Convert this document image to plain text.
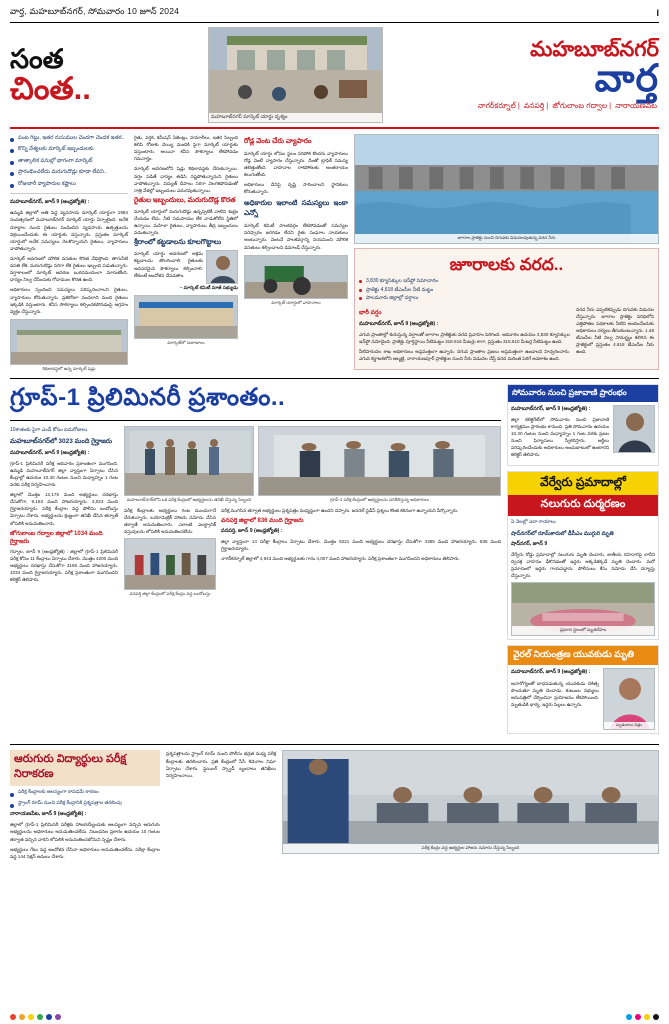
వార్త, మహబూబ్‌నగర్, సోమవారం 10 జూన్ 2024	I
సంత
చింత..
మహబూబ్‌నగర్ మార్కెట్ యార్డు దృశ్యం
మహబూబ్‌నగర్
వార్త
నాగర్‌కర్నూల్ | వనపర్తి | జోగులాంబ గద్వాల | నారాయణపేట
పంట గిట్టు, ఇతర రుసుముల చెందగా చెందక ఇతర..
కొన్ని వేశ్యలకు మార్కెట్ ఇబ్బందులకు
తాత్కాలిక పనుల్లో భాగంగా మార్కెట్
ప్రారంభించలేదు మరుగుదొడ్లు కూడా లేవని..
రోజువారీ వ్యాపారుల కష్టాలు

మహబూబ్‌నగర్, జూన్ 9 (ఆంధ్రజ్యోతి) :

ఉమ్మడి జిల్లాలో అతి పెద్ద వ్యవసాయ మార్కెట్ యార్డుగా 1984 సంవత్సరంలో మహబూబ్‌నగర్ మార్కెట్ యార్డు ఏర్పాటైంది. అనేక దశాబ్దాల నుంచి రైతులు పండించిన వ్యవసాయ ఉత్పత్తులను విక్రయించేందుకు ఈ యార్డుకు వస్తున్నారు. ప్రస్తుతం మార్కెట్ యార్డులో అనేక సమస్యలు నెలకొన్నాయని రైతులు, వ్యాపారులు వాపోతున్నారు.

మార్కెట్ ఆవరణలో మౌలిక వసతుల కొరత వేధిస్తోంది. తాగునీటి వసతి లేక, మరుగుదొడ్లు సరిగా లేక రైతులు ఇబ్బంది పడుతున్నారు. వర్షాకాలంలో మార్కెట్ ఆవరణ బురదమయంగా మారుతోంది. ధాన్యం నిల్వ చేసేందుకు గోదాముల కొరత ఉంది.

అధికారులు స్పందించి సమస్యలు పరిష్కరించాలని రైతులు, వ్యాపారులు కోరుతున్నారు. ప్రతిరోజూ వందలాది మంది రైతులు ఇక్కడికి వస్తుంటారు. కనీస సౌకర్యాలు కల్పించకపోవడంపై ఆగ్రహం వ్యక్తం చేస్తున్నారు.

శిథిలావస్థలో ఉన్న మార్కెట్ షెడ్లు

రైతు, వర్తక, కమీషన్ ఏజెంట్లు, హమాలీలు, ఇతర సిబ్బంది కలిపి రోజుకు వెయ్యి మందికి పైగా మార్కెట్ యార్డుకు వస్తుంటారు. అయినా కనీస సౌకర్యాలు లేకపోవడం గమనార్హం.

మార్కెట్ ఆవరణలోని షెడ్లు శిథిలావస్థకు చేరుకున్నాయి. వర్షం పడితే ధాన్యం తడిసి నష్టపోతున్నామని రైతులు వాపోతున్నారు. విద్యుత్ దీపాలు సరిగా వెలగకపోవడంతో రాత్రి వేళల్లో ఇబ్బందులు ఎదురవుతున్నాయి.

రైతుల ఇబ్బందులు, మరుగుదొడ్ల కొరత

మార్కెట్ యార్డులో మరుగుదొడ్లు ఉన్నప్పటికీ వాటిని శుభ్రం చేయడం లేదు. నీటి సదుపాయం లేక వాడుకోలేని స్థితిలో ఉన్నాయి. మహిళా రైతులు, వ్యాపారులు తీవ్ర ఇబ్బందులు పడుతున్నారు.

శ్రీరాంలో కట్టడాలను కూలగొట్టాలు
మార్కెట్ యార్డు ఆవరణలో అక్రమ కట్టడాలను తొలగించాలి. రైతులకు అవసరమైన సౌకర్యాలు కల్పించాలి. లేకుంటే ఆందోళన చేపడతాం.
– మార్కెట్ కమిటీ మాజీ సభ్యుడు
మార్కెట్‌లో దుకాణాలు
రోడ్ల వెంట చేరు వ్యాపారం

మార్కెట్ యార్డు లోపల స్థలం సరిపోక కొందరు వ్యాపారులు రోడ్ల వెంటే వ్యాపారం చేస్తున్నారు. దీంతో ట్రాఫిక్ సమస్య తలెత్తుతోంది. వాహనాల రాకపోకలకు అంతరాయం కలుగుతోంది.

అధికారులు దీనిపై దృష్టి సారించాలని స్థానికులు కోరుతున్నారు.

అధికారుల ఇలాంటి సమస్యలు ఇంకా ఎన్నో

మార్కెట్ కమిటీ పాలకవర్గం లేకపోవడంతో సమస్యల పరిష్కారం జరగడం లేదని రైతు సంఘాల నాయకులు అంటున్నారు. వెంటనే పాలకవర్గాన్ని నియమించి మౌలిక వసతులు కల్పించాలని డిమాండ్ చేస్తున్నారు.

మార్కెట్ యార్డులో వాహనాలు
జూరాల ప్రాజెక్టు నుంచి దిగువకు విడుదలవుతున్న వరద నీరు
జూరాలకు వరద..
3,830 క్యూసెక్కుల ఇన్‌ఫ్లో సమాచారం
ప్రాజెక్టు 4,618 టీఎంసీల నీటి మట్టం
పాలమూరు జిల్లాల్లో వర్షాలు
భారీ వర్షం

మహబూబ్‌నగర్, జూన్ 9 (ఆంధ్రజ్యోతి) :

ఎగువ ప్రాంతాల్లో కురుస్తున్న వర్షాలతో జూరాల ప్రాజెక్టుకు వరద ప్రవాహం పెరిగింది. ఆదివారం ఉదయం 3,830 క్యూసెక్కుల ఇన్‌ఫ్లో నమోదైంది. ప్రాజెక్టు పూర్తిస్థాయి నీటిమట్టం 318.516 మీటర్లు కాగా, ప్రస్తుతం 315.610 మీటర్ల నీటిమట్టం ఉంది.

నీటిపారుదల శాఖ అధికారులు అప్రమత్తంగా ఉన్నారు. దిగువ ప్రాంతాల ప్రజలు అప్రమత్తంగా ఉండాలని హెచ్చరించారు. ఎగువ కర్ణాటకలోని ఆల్మట్టి, నారాయణపూర్ ప్రాజెక్టుల నుంచి నీరు విడుదల చేస్తే వరద మరింత పెరిగే అవకాశం ఉంది.

వరద నీరు ఎప్పటికప్పుడు దిగువకు విడుదల చేస్తున్నారు. జూరాల ప్రాజెక్టు పరిధిలోని ఎత్తిపోతల పథకాలకు నీటిని అందించేందుకు అధికారులు చర్యలు తీసుకుంటున్నారు. 1.48 టీఎంసీల నీటి నిల్వ సామర్థ్యం కలిగిన ఈ ప్రాజెక్టులో ప్రస్తుతం 4.618 టీఎంసీల నీరు ఉంది.

గ్రూప్-1 ప్రిలిమినరీ ప్రశాంతం..
10శాతంకు పైగా ఎండ్ కోసం ఐదురోజులు
మహబూబ్‌నగర్‌లో 3023 మంది గైర్హాజరు

మహబూబ్‌నగర్, జూన్ 9 (ఆంధ్రజ్యోతి) :

గ్రూప్-1 ప్రిలిమినరీ పరీక్ష ఆదివారం ప్రశాంతంగా ముగిసింది. ఉమ్మడి మహబూబ్‌నగర్ జిల్లా వ్యాప్తంగా ఏర్పాటు చేసిన కేంద్రాల్లో ఉదయం 10.30 గంటల నుంచి మధ్యాహ్నం 1 గంట వరకు పరీక్ష నిర్వహించారు.

జిల్లాలో మొత్తం 12,176 మంది అభ్యర్థులు దరఖాస్తు చేసుకోగా, 9,153 మంది హాజరయ్యారు. 3,023 మంది గైర్హాజరయ్యారు. పరీక్ష కేంద్రాల వద్ద పోలీసు బందోబస్తు ఏర్పాటు చేశారు. అభ్యర్థులను క్షుణ్ణంగా తనిఖీ చేసిన తర్వాతే లోపలికి అనుమతించారు.

జోగులాంబ గద్వాల జిల్లాలో 1034 మంది గైర్హాజరు

గద్వాల, జూన్ 9 (ఆంధ్రజ్యోతి) : జిల్లాలో గ్రూప్-1 ప్రిలిమినరీ పరీక్ష కోసం 11 కేంద్రాలు ఏర్పాటు చేశారు. మొత్తం 4200 మంది అభ్యర్థులు దరఖాస్తు చేసుకోగా 3166 మంది హాజరయ్యారు. 1034 మంది గైర్హాజరయ్యారు. పరీక్ష ప్రశాంతంగా ముగిసిందని కలెక్టర్ తెలిపారు.

మహబూబ్‌నగర్‌లోని ఒక పరీక్ష కేంద్రంలో అభ్యర్థులను తనిఖీ చేస్తున్న సిబ్బంది	గ్రూప్-1 పరీక్ష కేంద్రంలో అభ్యర్థులను పరిశీలిస్తున్న అధికారులు
పరీక్ష కేంద్రాలకు అభ్యర్థులు గంట ముందుగానే చేరుకున్నారు. బయోమెట్రిక్ హాజరు నమోదు చేసిన తర్వాతే అనుమతించారు. ఎలాంటి ఎలక్ట్రానిక్ వస్తువులను లోపలికి అనుమతించలేదు.
వనపర్తి జిల్లా కేంద్రంలో పరీక్ష కేంద్రం వద్ద బందోబస్తు
పరీక్ష ముగిసిన తర్వాత అభ్యర్థులు ప్రశ్నపత్రం మధ్యస్థంగా ఉందని చెప్పారు. జనరల్ స్టడీస్ ప్రశ్నలు కొంత కఠినంగా ఉన్నాయని పేర్కొన్నారు.
వనపర్తి జిల్లాలో 836 మంది గైర్హాజరు

వనపర్తి, జూన్ 9 (ఆంధ్రజ్యోతి) :

జిల్లా వ్యాప్తంగా 14 పరీక్షా కేంద్రాలు ఏర్పాటు చేశారు. మొత్తం 5221 మంది అభ్యర్థులు దరఖాస్తు చేసుకోగా 4385 మంది హాజరయ్యారు. 836 మంది గైర్హాజరయ్యారు.

నాగర్‌కర్నూల్ జిల్లాలో 4,943 మంది అభ్యర్థులకు గాను 4,007 మంది హాజరయ్యారు. పరీక్ష ప్రశాంతంగా ముగిసిందని అధికారులు తెలిపారు.

సోమవారం నుంచి ప్రజావాణి ప్రారంభం

మహబూబ్‌నగర్, జూన్ 9 (ఆంధ్రజ్యోతి) :

జిల్లా కలెక్టరేట్‌లో సోమవారం నుంచి ప్రజావాణి కార్యక్రమం ప్రారంభం కానుంది. ప్రతి సోమవారం ఉదయం 10.30 గంటల నుంచి మధ్యాహ్నం 1 గంట వరకు ప్రజల నుంచి ఫిర్యాదులు స్వీకరిస్తారు. అర్జీలు పరిష్కరించేందుకు అధికారులు అందుబాటులో ఉంటారని కలెక్టర్ తెలిపారు.

వేర్వేరు ప్రమాదాల్లో
నలుగురు దుర్మరణం
ఏ నెలల్లో ఎలా గాయాలు
షాద్‌నగర్‌లో రూమ్‌కారులో డీసీఎం ముగ్గురి మృతి

షాద్‌నగర్, జూన్ 9

వేర్వేరు రోడ్డు ప్రమాదాల్లో నలుగురు మృతి చెందారు. జాతీయ రహదారిపై లారీని ద్విచక్ర వాహనం ఢీకొనడంతో ఇద్దరు అక్కడికక్కడే మృతి చెందారు. మరో ప్రమాదంలో ఇద్దరు గాయపడ్డారు. పోలీసులు కేసు నమోదు చేసి దర్యాప్తు చేస్తున్నారు.

ప్రమాద స్థలంలో మృతదేహం
వైరల్ నియంత్రణ యువకుడు మృతి

మహబూబ్‌నగర్, జూన్ 9 (ఆంధ్రజ్యోతి) :

అనారోగ్యంతో బాధపడుతున్న యువకుడు చికిత్స పొందుతూ మృతి చెందాడు. కుటుంబ సభ్యులు ఆసుపత్రిలో చేర్పించినా ప్రయోజనం లేకపోయింది. మృతుడికి భార్య, ఇద్దరు పిల్లలు ఉన్నారు.

మృతురాలు చిత్రం
ఆరుగురు విద్యార్థులు పరీక్ష నిరాకరణ
పరీక్ష కేంద్రాలకు ఆలస్యంగా రావడమే కారణం
స్ట్రాంగ్ రూమ్ నుంచి పరీక్ష కేంద్రానికి ప్రశ్నపత్రాల తరలింపు

నారాయణపేట, జూన్ 9 (ఆంధ్రజ్యోతి) :

జిల్లాలో గ్రూప్-1 ప్రిలిమినరీ పరీక్షకు హాజరయ్యేందుకు ఆలస్యంగా వచ్చిన ఆరుగురు అభ్యర్థులను అధికారులు అనుమతించలేదు. నిబంధనల ప్రకారం ఉదయం 10 గంటల తర్వాత వచ్చిన వారిని లోపలికి అనుమతించబోమని స్పష్టం చేశారు.

అభ్యర్థులు గేటు వద్ద ఆందోళన చేసినా అధికారులు అనుమతించలేదు. పరీక్షా కేంద్రాల వద్ద 144 సెక్షన్ అమలు చేశారు.

ప్రశ్నపత్రాలను స్ట్రాంగ్ రూమ్ నుంచి పోలీసు భద్రత మధ్య పరీక్ష కేంద్రాలకు తరలించారు. ప్రతి కేంద్రంలో సీసీ కెమెరాల నిఘా ఏర్పాటు చేశారు. ఫ్లయింగ్ స్క్వాడ్ బృందాలు తనిఖీలు నిర్వహించాయి.

పరీక్ష కేంద్రం వద్ద అభ్యర్థుల హాజరు నమోదు చేస్తున్న సిబ్బంది
